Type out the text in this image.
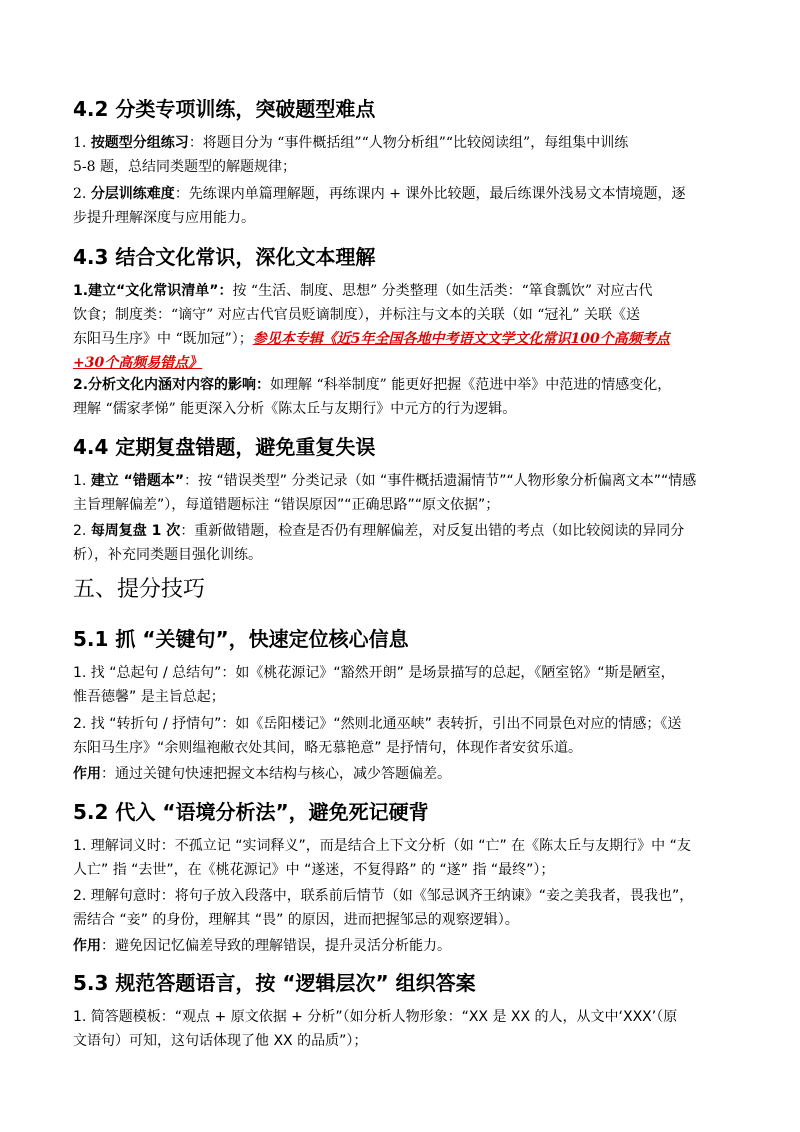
4.2 分类专项训练，突破题型难点
1. 按题型分组练习：将题目分为 “事件概括组”“人物分析组”“比较阅读组”，每组集中训练
5-8 题，总结同类题型的解题规律；
2. 分层训练难度：先练课内单篇理解题，再练课内 + 课外比较题，最后练课外浅易文本情境题，逐
步提升理解深度与应用能力。
4.3 结合文化常识，深化文本理解
1.建立“文化常识清单”：按 “生活、制度、思想” 分类整理（如生活类：“箪食瓢饮” 对应古代
饮食；制度类：“谪守” 对应古代官员贬谪制度），并标注与文本的关联（如 “冠礼” 关联《送
东阳马生序》中 “既加冠”）；参见本专辑《近5年全国各地中考语文文学文化常识100个高频考点
+30个高频易错点》
2.分析文化内涵对内容的影响：如理解 “科举制度” 能更好把握《范进中举》中范进的情感变化，
理解 “儒家孝悌” 能更深入分析《陈太丘与友期行》中元方的行为逻辑。
4.4 定期复盘错题，避免重复失误
1. 建立 “错题本”：按 “错误类型” 分类记录（如 “事件概括遗漏情节”“人物形象分析偏离文本”“情感
主旨理解偏差”），每道错题标注 “错误原因”“正确思路”“原文依据”；
2. 每周复盘 1 次：重新做错题，检查是否仍有理解偏差，对反复出错的考点（如比较阅读的异同分
析），补充同类题目强化训练。
五、提分技巧
5.1 抓 “关键句”，快速定位核心信息
1. 找 “总起句 / 总结句”：如《桃花源记》“豁然开朗” 是场景描写的总起，《陋室铭》“斯是陋室，
惟吾德馨” 是主旨总起；
2. 找 “转折句 / 抒情句”：如《岳阳楼记》“然则北通巫峡” 表转折，引出不同景色对应的情感；《送
东阳马生序》“余则缊袍敝衣处其间，略无慕艳意” 是抒情句，体现作者安贫乐道。
作用：通过关键句快速把握文本结构与核心，减少答题偏差。
5.2 代入 “语境分析法”，避免死记硬背
1. 理解词义时：不孤立记 “实词释义”，而是结合上下文分析（如 “亡” 在《陈太丘与友期行》中 “友
人亡” 指 “去世”，在《桃花源记》中 “遂迷，不复得路” 的 “遂” 指 “最终”）；
2. 理解句意时：将句子放入段落中，联系前后情节（如《邹忌讽齐王纳谏》“妾之美我者，畏我也”，
需结合 “妾” 的身份，理解其 “畏” 的原因，进而把握邹忌的观察逻辑）。
作用：避免因记忆偏差导致的理解错误，提升灵活分析能力。
5.3 规范答题语言，按 “逻辑层次” 组织答案
1. 简答题模板：“观点 + 原文依据 + 分析”（如分析人物形象：“XX 是 XX 的人，从文中‘XXX’（原
文语句）可知，这句话体现了他 XX 的品质”）；
